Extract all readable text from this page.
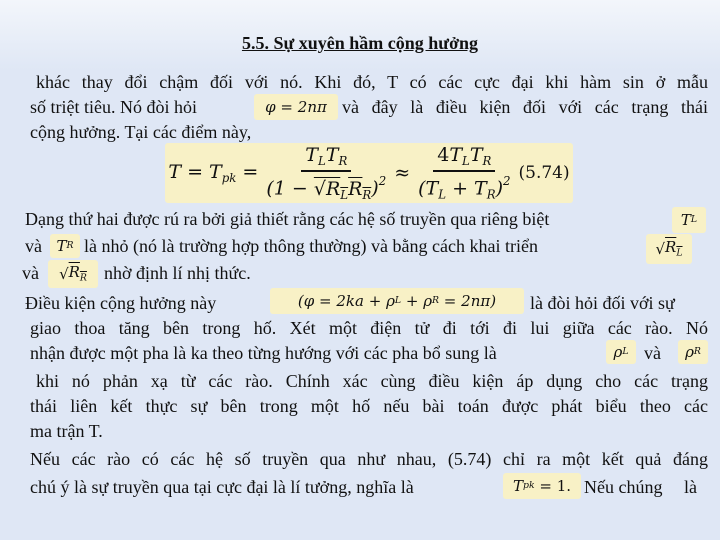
5.5. Sự xuyên hầm cộng hưởng
khác thay đổi chậm đối với nó. Khi đó, T có các cực đại khi hàm sin ở mẫu
số triệt tiêu. Nó đòi hỏi	φ = 2 nπ và đây là điều kiện đối với các trạng thái
cộng hưởng. Tại các điểm này,
$T = T_{pk} = \frac{T_LT_R}{(1 - √R_LR_R)^2} \approx \frac{4T_LT_R}{(T_L + T_R)^2} (5.74)$
Dạng thứ hai được rú ra bởi giả thiết rằng các hệ số truyền qua riêng biệt	T L
và T R là nhỏ (nó là trường hợp thông thường) và bằng cách khai triển	√ $R_L$
và	√ $R_R$ nhờ định lí nhị thức.
Điều kiện cộng hưởng này	(φ = 2 ka + ρ L + ρ R = 2 nπ )	là đòi hỏi đối với sự
giao thoa tăng bên trong hố. Xét một điện tử đi tới đi lui giữa các rào. Nó
nhận được một pha là ka theo từng hướng với các pha bổ sung là	ρ L và	ρ R
khi nó phản xạ từ các rào. Chính xác cùng điều kiện áp dụng cho các trạng
thái liên kết thực sự bên trong một hố nếu bài toán được phát biểu theo các
ma trận T.
Nếu các rào có các hệ số truyền qua như nhau, (5.74) chỉ ra một kết quả đáng
chú ý là sự truyền qua tại cực đại là lí tưởng, nghĩa là	T pk = 1. Nếu chúng là
